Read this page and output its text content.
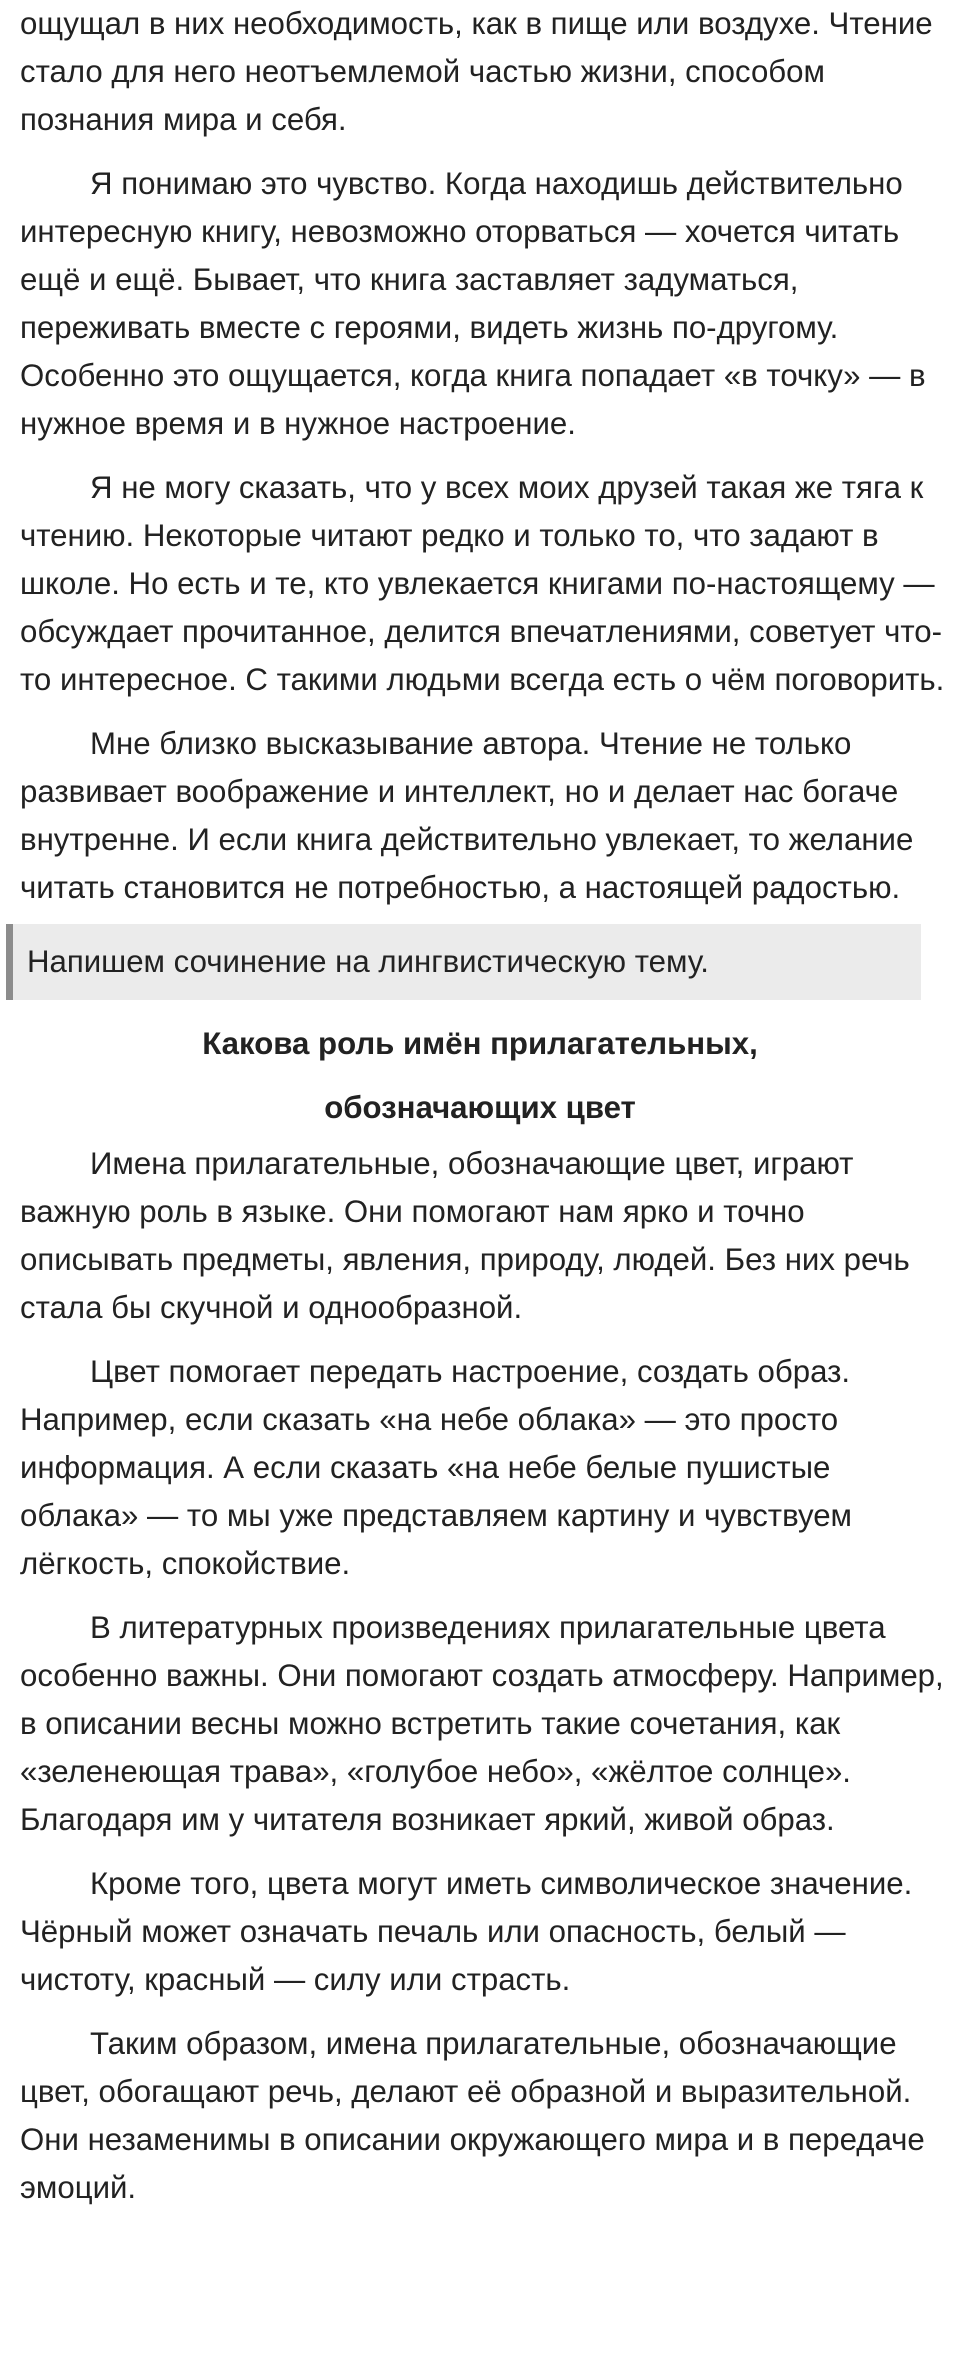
ощущал в них необходимость, как в пище или воздухе. Чтение стало для него неотъемлемой частью жизни, способом познания мира и себя.

Я понимаю это чувство. Когда находишь действительно интересную книгу, невозможно оторваться — хочется читать ещё и ещё. Бывает, что книга заставляет задуматься, переживать вместе с героями, видеть жизнь по-другому. Особенно это ощущается, когда книга попадает «в точку» — в нужное время и в нужное настроение.

Я не могу сказать, что у всех моих друзей такая же тяга к чтению. Некоторые читают редко и только то, что задают в школе. Но есть и те, кто увлекается книгами по-настоящему — обсуждает прочитанное, делится впечатлениями, советует что-то интересное. С такими людьми всегда есть о чём поговорить.

Мне близко высказывание автора. Чтение не только развивает воображение и интеллект, но и делает нас богаче внутренне. И если книга действительно увлекает, то желание читать становится не потребностью, а настоящей радостью.

Напишем сочинение на лингвистическую тему.
Какова роль имён прилагательных,
обозначающих цвет

Имена прилагательные, обозначающие цвет, играют важную роль в языке. Они помогают нам ярко и точно описывать предметы, явления, природу, людей. Без них речь стала бы скучной и однообразной.

Цвет помогает передать настроение, создать образ. Например, если сказать «на небе облака» — это просто информация. А если сказать «на небе белые пушистые облака» — то мы уже представляем картину и чувствуем лёгкость, спокойствие.

В литературных произведениях прилагательные цвета особенно важны. Они помогают создать атмосферу. Например, в описании весны можно встретить такие сочетания, как «зеленеющая трава», «голубое небо», «жёлтое солнце». Благодаря им у читателя возникает яркий, живой образ.

Кроме того, цвета могут иметь символическое значение. Чёрный может означать печаль или опасность, белый — чистоту, красный — силу или страсть.

Таким образом, имена прилагательные, обозначающие цвет, обогащают речь, делают её образной и выразительной. Они незаменимы в описании окружающего мира и в передаче эмоций.
